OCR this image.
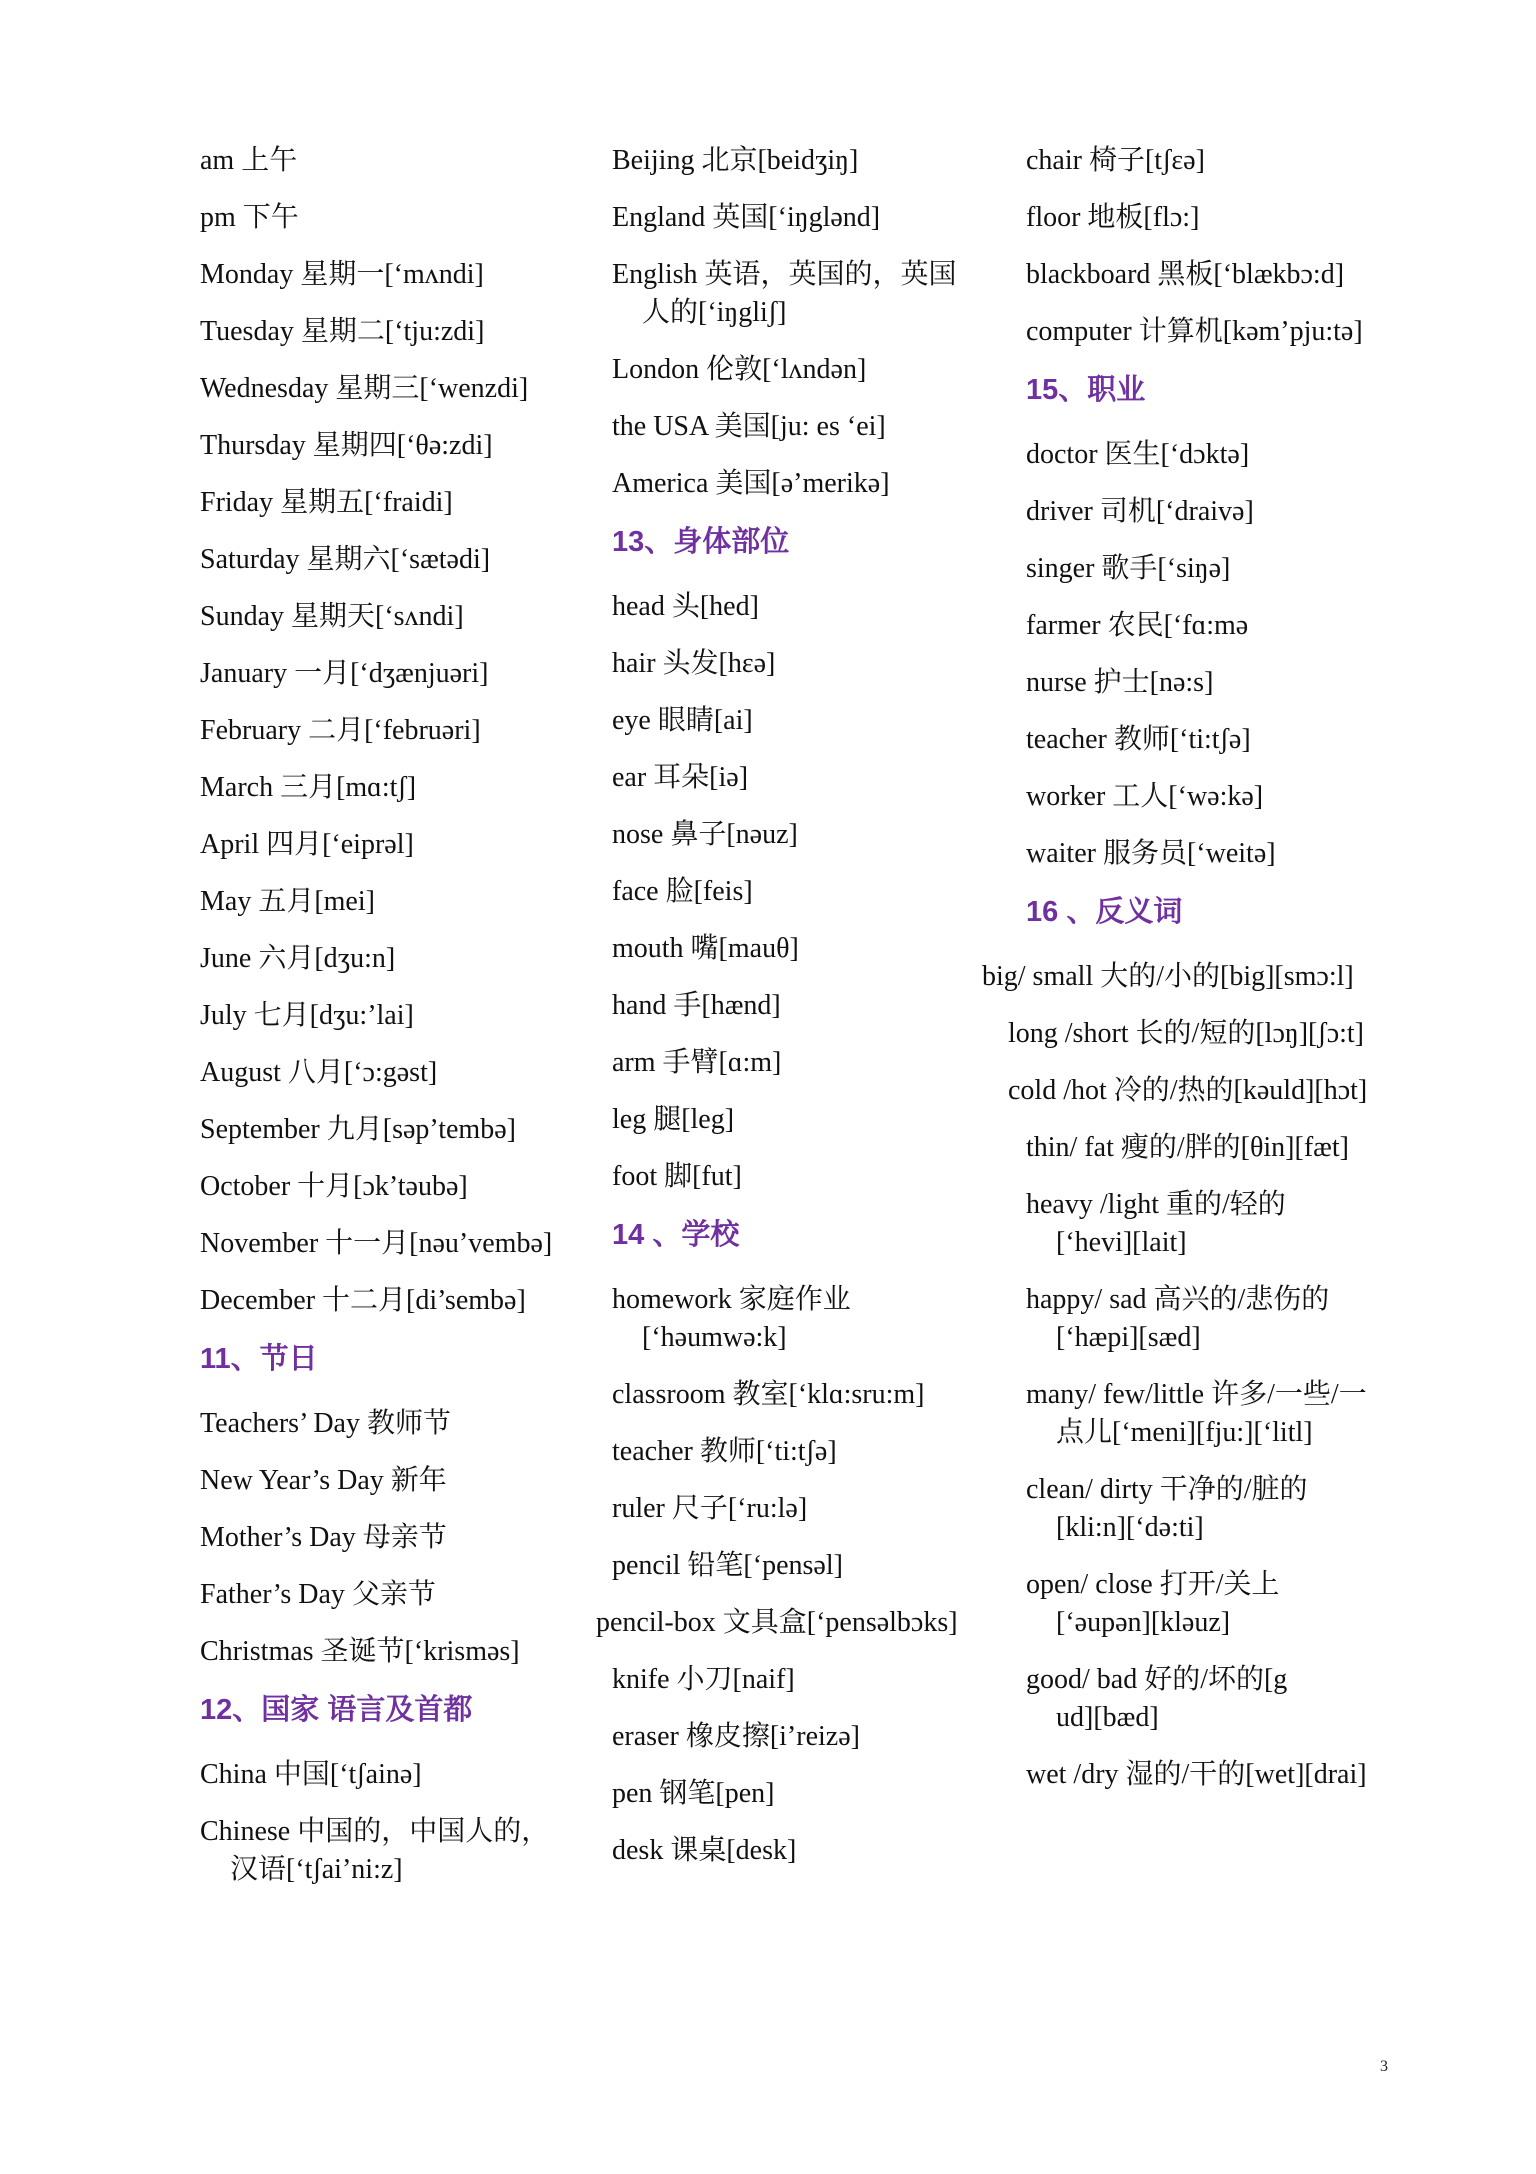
am 上午
pm 下午
Monday 星期一[‘mʌndi]
Tuesday 星期二[‘tju:zdi]
Wednesday 星期三[‘wenzdi]
Thursday 星期四[‘θə:zdi]
Friday 星期五[‘fraidi]
Saturday 星期六[‘sætədi]
Sunday 星期天[‘sʌndi]
January 一月[‘dʒænjuəri]
February 二月[‘februəri]
March 三月[mɑ:tʃ]
April 四月[‘eiprəl]
May 五月[mei]
June 六月[dʒu:n]
July 七月[dʒu:’lai]
August 八月[‘ɔ:gəst]
September 九月[səp’tembə]
October 十月[ɔk’təubə]
November 十一月[nəu’vembə]
December 十二月[di’sembə]
11、节日
Teachers’ Day 教师节
New Year’s Day 新年
Mother’s Day 母亲节
Father’s Day 父亲节
Christmas 圣诞节[‘krisməs]
12、国家 语言及首都
China 中国[‘tʃainə]
Chinese 中国的，中国人的，
汉语[‘tʃai’ni:z]
Beijing 北京[beidʒiŋ]
England 英国[‘iŋglənd]
English 英语，英国的，英国
人的[‘iŋgliʃ]
London 伦敦[‘lʌndən]
the USA 美国[ju: es ‘ei]
America 美国[ə’merikə]
13、身体部位
head 头[hed]
hair 头发[hɛə]
eye 眼睛[ai]
ear 耳朵[iə]
nose 鼻子[nəuz]
face 脸[feis]
mouth 嘴[mauθ]
hand 手[hænd]
arm 手臂[ɑ:m]
leg 腿[leg]
foot 脚[fut]
14 、学校
homework 家庭作业
[‘həumwə:k]
classroom 教室[‘klɑ:sru:m]
teacher 教师[‘ti:tʃə]
ruler 尺子[‘ru:lə]
pencil 铅笔[‘pensəl]
pencil-box 文具盒[‘pensəlbɔks]
knife 小刀[naif]
eraser 橡皮擦[i’reizə]
pen 钢笔[pen]
desk 课桌[desk]
chair 椅子[tʃɛə]
floor 地板[flɔ:]
blackboard 黑板[‘blækbɔ:d]
computer 计算机[kəm’pju:tə]
15、职业
doctor 医生[‘dɔktə]
driver 司机[‘draivə]
singer 歌手[‘siŋə]
farmer 农民[‘fɑ:mə
nurse 护士[nə:s]
teacher 教师[‘ti:tʃə]
worker 工人[‘wə:kə]
waiter 服务员[‘weitə]
16 、反义词
big/ small 大的/小的[big][smɔ:l]
long /short 长的/短的[lɔŋ][ʃɔ:t]
cold /hot 冷的/热的[kəuld][hɔt]
thin/ fat 瘦的/胖的[θin][fæt]
heavy /light 重的/轻的
[‘hevi][lait]
happy/ sad 高兴的/悲伤的
[‘hæpi][sæd]
many/ few/little 许多/一些/一
点儿[‘meni][fju:][‘litl]
clean/ dirty 干净的/脏的
[kli:n][‘də:ti]
open/ close 打开/关上
[‘əupən][kləuz]
good/ bad 好的/坏的[g
ud][bæd]
wet /dry 湿的/干的[wet][drai]
3
